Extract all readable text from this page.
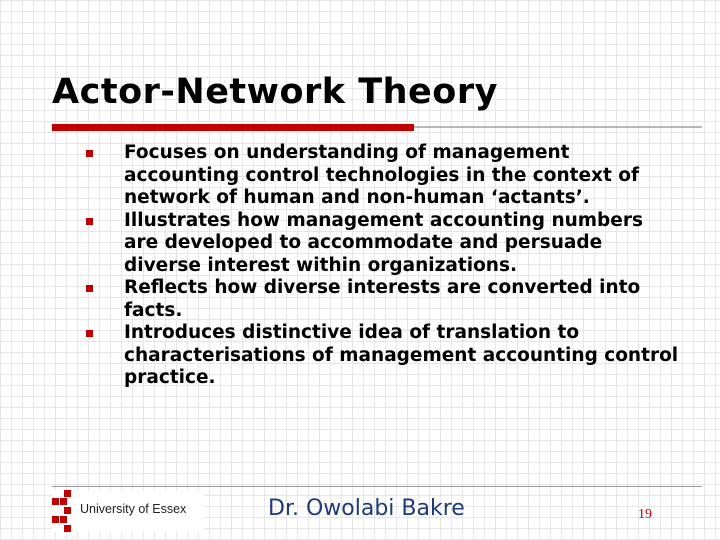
Actor-Network Theory
Focuses on understanding of management accounting control technologies in the context of network of human and non-human ‘actants’.
Illustrates how management accounting numbers are developed to accommodate and persuade diverse interest within organizations.
Reflects how diverse interests are converted into facts.
Introduces distinctive idea of translation to characterisations of management accounting control practice.
University of Essex	Dr. Owolabi Bakre	19
